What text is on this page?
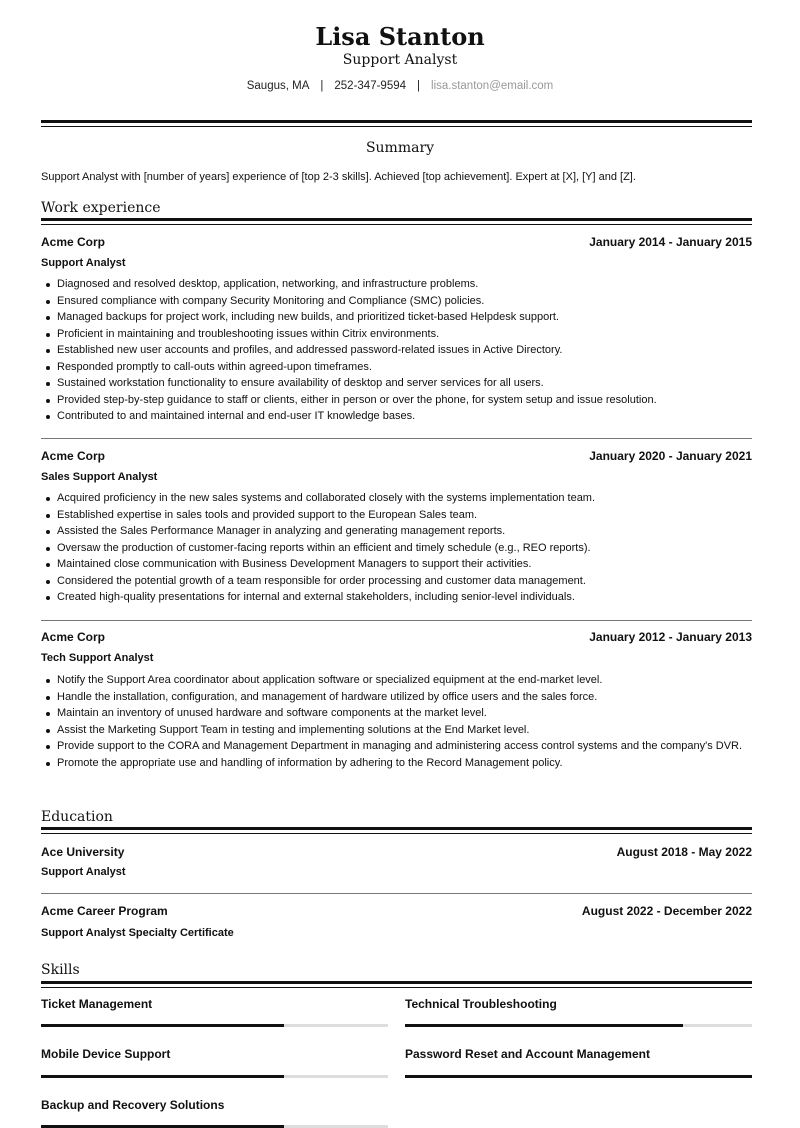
Lisa Stanton
Support Analyst
Saugus, MA | 252-347-9594 | lisa.stanton@email.com
Summary
Support Analyst with [number of years] experience of [top 2-3 skills]. Achieved [top achievement]. Expert at [X], [Y] and [Z].
Work experience
Acme Corp	January 2014 - January 2015
Support Analyst
Diagnosed and resolved desktop, application, networking, and infrastructure problems.
Ensured compliance with company Security Monitoring and Compliance (SMC) policies.
Managed backups for project work, including new builds, and prioritized ticket-based Helpdesk support.
Proficient in maintaining and troubleshooting issues within Citrix environments.
Established new user accounts and profiles, and addressed password-related issues in Active Directory.
Responded promptly to call-outs within agreed-upon timeframes.
Sustained workstation functionality to ensure availability of desktop and server services for all users.
Provided step-by-step guidance to staff or clients, either in person or over the phone, for system setup and issue resolution.
Contributed to and maintained internal and end-user IT knowledge bases.
Acme Corp	January 2020 - January 2021
Sales Support Analyst
Acquired proficiency in the new sales systems and collaborated closely with the systems implementation team.
Established expertise in sales tools and provided support to the European Sales team.
Assisted the Sales Performance Manager in analyzing and generating management reports.
Oversaw the production of customer-facing reports within an efficient and timely schedule (e.g., REO reports).
Maintained close communication with Business Development Managers to support their activities.
Considered the potential growth of a team responsible for order processing and customer data management.
Created high-quality presentations for internal and external stakeholders, including senior-level individuals.
Acme Corp	January 2012 - January 2013
Tech Support Analyst
Notify the Support Area coordinator about application software or specialized equipment at the end-market level.
Handle the installation, configuration, and management of hardware utilized by office users and the sales force.
Maintain an inventory of unused hardware and software components at the market level.
Assist the Marketing Support Team in testing and implementing solutions at the End Market level.
Provide support to the CORA and Management Department in managing and administering access control systems and the company's DVR.
Promote the appropriate use and handling of information by adhering to the Record Management policy.
Education
Ace University	August 2018 - May 2022
Support Analyst
Acme Career Program	August 2022 - December 2022
Support Analyst Specialty Certificate
Skills
Ticket Management	Technical Troubleshooting
Mobile Device Support	Password Reset and Account Management
Backup and Recovery Solutions
